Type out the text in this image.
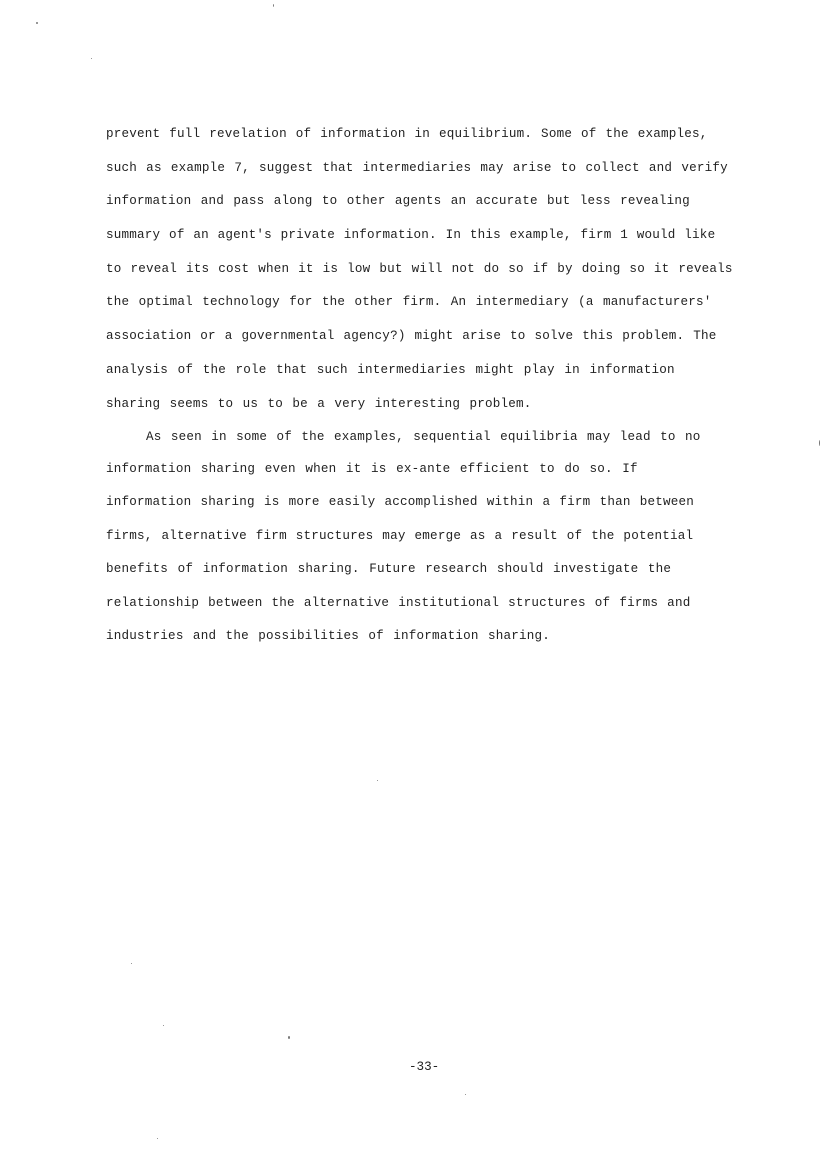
prevent full revelation of information in equilibrium. Some of the examples,

such as example 7, suggest that intermediaries may arise to collect and verify

information and pass along to other agents an accurate but less revealing

summary of an agent's private information. In this example, firm 1 would like

to reveal its cost when it is low but will not do so if by doing so it reveals

the optimal technology for the other firm. An intermediary (a manufacturers'

association or a governmental agency?) might arise to solve this problem. The

analysis of the role that such intermediaries might play in information

sharing seems to us to be a very interesting problem.

As seen in some of the examples, sequential equilibria may lead to no

information sharing even when it is ex-ante efficient to do so. If

information sharing is more easily accomplished within a firm than between

firms, alternative firm structures may emerge as a result of the potential

benefits of information sharing. Future research should investigate the

relationship between the alternative institutional structures of firms and

industries and the possibilities of information sharing.

-33-
